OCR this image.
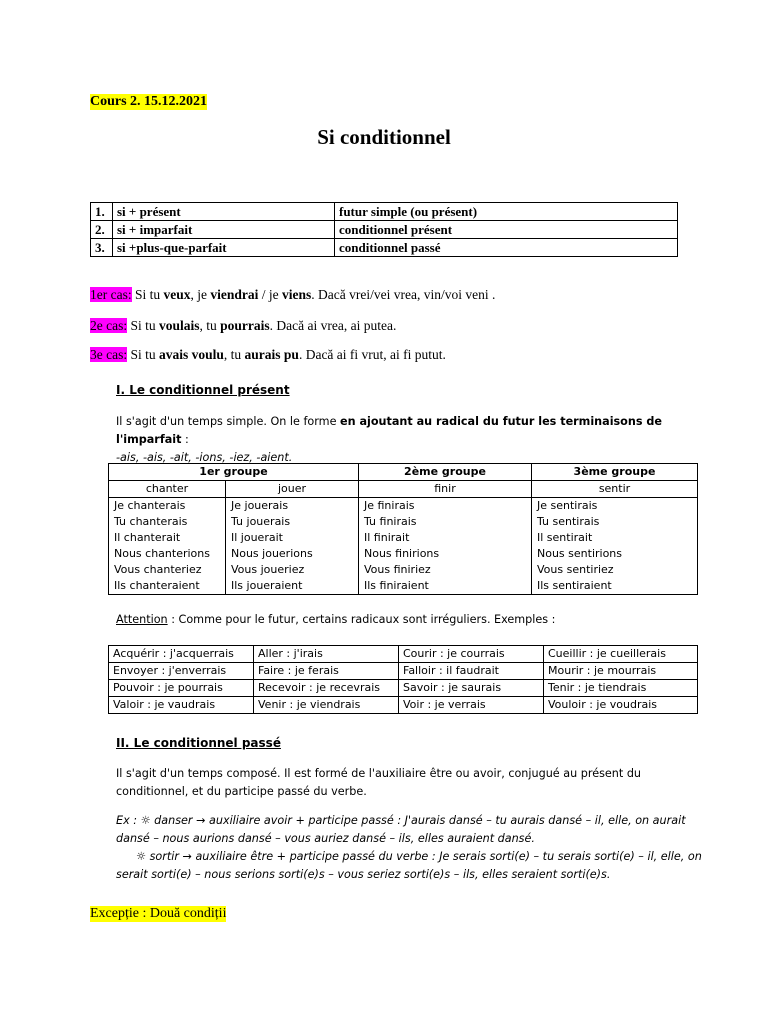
Cours 2. 15.12.2021
Si conditionnel
1.	si + présent	futur simple (ou présent)
2.	si + imparfait	conditionnel présent
3.	si +plus-que-parfait	conditionnel passé
1er cas: Si tu veux, je viendrai / je viens. Dacă vrei/vei vrea, vin/voi veni .
2e cas: Si tu voulais, tu pourrais. Dacă ai vrea, ai putea.
3e cas: Si tu avais voulu, tu aurais pu. Dacă ai fi vrut, ai fi putut.
I. Le conditionnel présent
Il s'agit d'un temps simple. On le forme en ajoutant au radical du futur les terminaisons de l'imparfait :
-ais, -ais, -ait, -ions, -iez, -aient.
1er groupe		2ème groupe	3ème groupe
chanter	jouer	finir	sentir
Je chanterais	Je jouerais	Je finirais	Je sentirais
Tu chanterais	Tu jouerais	Tu finirais	Tu sentirais
Il chanterait	Il jouerait	Il finirait	Il sentirait
Nous chanterions	Nous jouerions	Nous finirions	Nous sentirions
Vous chanteriez	Vous joueriez	Vous finiriez	Vous sentiriez
Ils chanteraient	Ils joueraient	Ils finiraient	Ils sentiraient
Attention : Comme pour le futur, certains radicaux sont irréguliers. Exemples :
Acquérir : j'acquerrais	Aller : j'irais	Courir : je courrais	Cueillir : je cueillerais
Envoyer : j'enverrais	Faire : je ferais	Falloir : il faudrait	Mourir : je mourrais
Pouvoir : je pourrais	Recevoir : je recevrais	Savoir : je saurais	Tenir : je tiendrais
Valoir : je vaudrais	Venir : je viendrais	Voir : je verrais	Vouloir : je voudrais
II. Le conditionnel passé
Il s'agit d'un temps composé. Il est formé de l'auxiliaire être ou avoir, conjugué au présent du conditionnel, et du participe passé du verbe.
Ex : ☼ danser → auxiliaire avoir + participe passé : J'aurais dansé – tu aurais dansé – il, elle, on aurait dansé – nous aurions dansé – vous auriez dansé – ils, elles auraient dansé.
☼ sortir → auxiliaire être + participe passé du verbe : Je serais sorti(e) – tu serais sorti(e) – il, elle, on serait sorti(e) – nous serions sorti(e)s – vous seriez sorti(e)s – ils, elles seraient sorti(e)s.
Excepție : Două condiții
